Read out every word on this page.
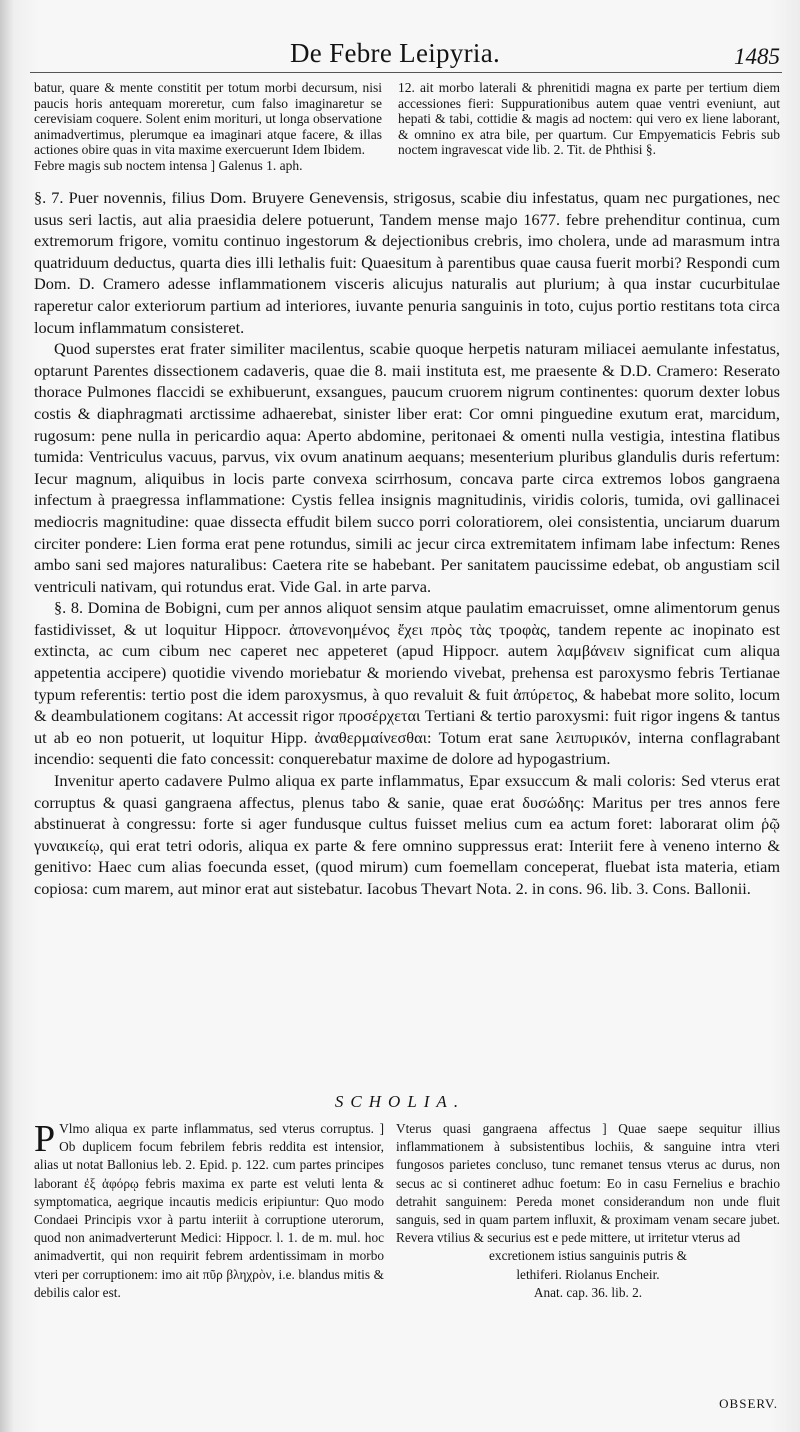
De Febre Leipyria.	1485

batur, quare & mente constitit per totum morbi decursum, nisi paucis horis antequam moreretur, cum falso imaginaretur se cerevisiam coquere. Solent enim morituri, ut longa observatione animadvertimus, plerumque ea imaginari atque facere, & illas actiones obire quas in vita maxime exercuerunt Idem Ibidem.

Febre magis sub noctem intensa ] Galenus 1. aph.

12. ait morbo laterali & phrenitidi magna ex parte per tertium diem accessiones fieri: Suppurationibus autem quae ventri eveniunt, aut hepati & tabi, cottidie & magis ad noctem: qui vero ex liene laborant, & omnino ex atra bile, per quartum. Cur Empyematicis Febris sub noctem ingravescat vide lib. 2. Tit. de Phthisi §.

§. 7. Puer novennis, filius Dom. Bruyere Genevensis, strigosus, scabie diu infestatus, quam nec purgationes, nec usus seri lactis, aut alia praesidia delere potuerunt, Tandem mense majo 1677. febre prehenditur continua, cum extremorum frigore, vomitu continuo ingestorum & dejectionibus crebris, imo cholera, unde ad marasmum intra quatriduum deductus, quarta dies illi lethalis fuit: Quaesitum à parentibus quae causa fuerit morbi? Respondi cum Dom. D. Cramero adesse inflammationem visceris alicujus naturalis aut plurium; à qua instar cucurbitulae raperetur calor exteriorum partium ad interiores, iuvante penuria sanguinis in toto, cujus portio restitans tota circa locum inflammatum consisteret.

Quod superstes erat frater similiter macilentus, scabie quoque herpetis naturam miliacei aemulante infestatus, optarunt Parentes dissectionem cadaveris, quae die 8. maii instituta est, me praesente & D.D. Cramero: Reserato thorace Pulmones flaccidi se exhibuerunt, exsangues, paucum cruorem nigrum continentes: quorum dexter lobus costis & diaphragmati arctissime adhaerebat, sinister liber erat: Cor omni pinguedine exutum erat, marcidum, rugosum: pene nulla in pericardio aqua: Aperto abdomine, peritonaei & omenti nulla vestigia, intestina flatibus tumida: Ventriculus vacuus, parvus, vix ovum anatinum aequans; mesenterium pluribus glandulis duris refertum: Iecur magnum, aliquibus in locis parte convexa scirrhosum, concava parte circa extremos lobos gangraena infectum à praegressa inflammatione: Cystis fellea insignis magnitudinis, viridis coloris, tumida, ovi gallinacei mediocris magnitudine: quae dissecta effudit bilem succo porri coloratiorem, olei consistentia, unciarum duarum circiter pondere: Lien forma erat pene rotundus, simili ac jecur circa extremitatem infimam labe infectum: Renes ambo sani sed majores naturalibus: Caetera rite se habebant. Per sanitatem paucissime edebat, ob angustiam scil ventriculi nativam, qui rotundus erat. Vide Gal. in arte parva.

§. 8. Domina de Bobigni, cum per annos aliquot sensim atque paulatim emacruisset, omne alimentorum genus fastidivisset, & ut loquitur Hippocr. ἀπονενοημένος ἔχει πρὸς τὰς τροφὰς, tandem repente ac inopinato est extincta, ac cum cibum nec caperet nec appeteret (apud Hippocr. autem λαμβάνειν significat cum aliqua appetentia accipere) quotidie vivendo moriebatur & moriendo vivebat, prehensa est paroxysmo febris Tertianae typum referentis: tertio post die idem paroxysmus, à quo revaluit & fuit ἀπύρετος, & habebat more solito, locum & deambulationem cogitans: At accessit rigor προσέρχεται Tertiani & tertio paroxysmi: fuit rigor ingens & tantus ut ab eo non potuerit, ut loquitur Hipp. ἀναθερμαίνεσθαι: Totum erat sane λειπυρικόν, interna conflagrabant incendio: sequenti die fato concessit: conquerebatur maxime de dolore ad hypogastrium.

Invenitur aperto cadavere Pulmo aliqua ex parte inflammatus, Epar exsuccum & mali coloris: Sed vterus erat corruptus & quasi gangraena affectus, plenus tabo & sanie, quae erat δυσώδης: Maritus per tres annos fere abstinuerat à congressu: forte si ager fundusque cultus fuisset melius cum ea actum foret: laborarat olim ῥῷ γυναικείῳ, qui erat tetri odoris, aliqua ex parte & fere omnino suppressus erat: Interiit fere à veneno interno & genitivo: Haec cum alias foecunda esset, (quod mirum) cum foemellam conceperat, fluebat ista materia, etiam copiosa: cum marem, aut minor erat aut sistebatur. Iacobus Thevart Nota. 2. in cons. 96. lib. 3. Cons. Ballonii.

SCHOLIA.
P Vlmo aliqua ex parte inflammatus, sed vterus corruptus. ] Ob duplicem focum febrilem febris reddita est intensior, alias ut notat Ballonius leb. 2. Epid. p. 122. cum partes principes laborant ἐξ ἀφόρῳ febris maxima ex parte est veluti lenta & symptomatica, aegrique incautis medicis eripiuntur: Quo modo Condaei Principis vxor à partu interiit à corruptione uterorum, quod non animadverterunt Medici: Hippocr. l. 1. de m. mul. hoc animadvertit, qui non requirit febrem ardentissimam in morbo vteri per corruptionem: imo ait πῦρ βληχρὸν, i.e. blandus mitis & debilis calor est.

Vterus quasi gangraena affectus ] Quae saepe sequitur illius inflammationem à subsistentibus lochiis, & sanguine intra vteri fungosos parietes concluso, tunc remanet tensus vterus ac durus, non secus ac si contineret adhuc foetum: Eo in casu Fernelius e brachio detrahit sanguinem: Pereda monet considerandum non unde fluit sanguis, sed in quam partem influxit, & proximam venam secare jubet. Revera vtilius & securius est e pede mittere, ut irritetur vterus ad

excretionem istius sanguinis putris &

lethiferi. Riolanus Encheir.

Anat. cap. 36. lib. 2.

OBSERV.
